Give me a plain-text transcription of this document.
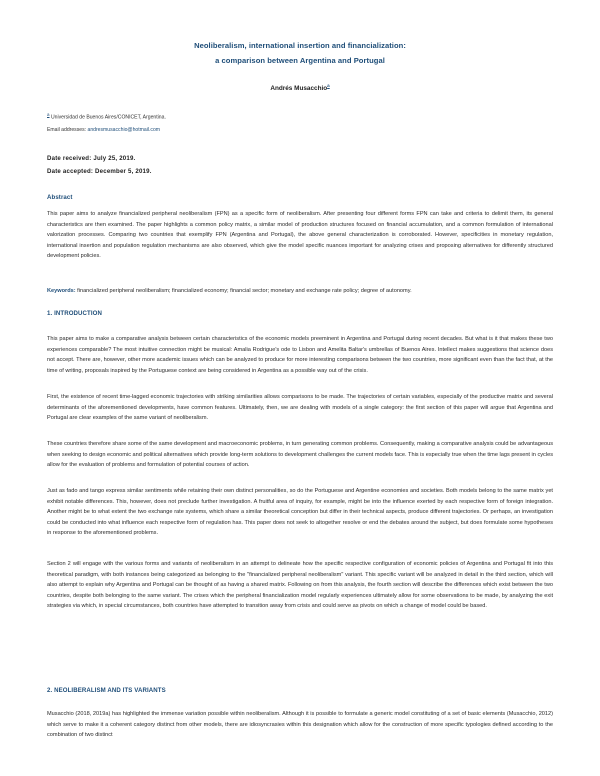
Neoliberalism, international insertion and financialization:
a comparison between Argentina and Portugal
Andrés Musacchio$^a$
a Universidad de Buenos Aires/CONICET, Argentina.
Email addresses: andresmusacchio@hotmail.com
Date received: July 25, 2019.
Date accepted: December 5, 2019.
Abstract

This paper aims to analyze financialized peripheral neoliberalism (FPN) as a specific form of neoliberalism. After presenting four different forms FPN can take and criteria to delimit them, its general characteristics are then examined. The paper highlights a common policy matrix, a similar model of production structures focused on financial accumulation, and a common formulation of international valorization processes. Comparing two countries that exemplify FPN (Argentina and Portugal), the above general characterization is corroborated. However, specificities in monetary regulation, international insertion and population regulation mechanisms are also observed, which give the model specific nuances important for analyzing crises and proposing alternatives for differently structured development policies.

Keywords: financialized peripheral neoliberalism; financialized economy; financial sector; monetary and exchange rate policy; degree of autonomy.

1. INTRODUCTION

This paper aims to make a comparative analysis between certain characteristics of the economic models preeminent in Argentina and Portugal during recent decades. But what is it that makes these two experiences comparable? The most intuitive connection might be musical: Amalia Rodrigue's ode to Lisbon and Amelita Baltar's umbrellas of Buenos Aires. Intellect makes suggestions that science does not accept. There are, however, other more academic issues which can be analyzed to produce for more interesting comparisons between the two countries, more significant even than the fact that, at the time of writing, proposals inspired by the Portuguese context are being considered in Argentina as a possible way out of the crisis.

First, the existence of recent time-lagged economic trajectories with striking similarities allows comparisons to be made. The trajectories of certain variables, especially of the productive matrix and several determinants of the aforementioned developments, have common features. Ultimately, then, we are dealing with models of a single category: the first section of this paper will argue that Argentina and Portugal are clear examples of the same variant of neoliberalism.

These countries therefore share some of the same development and macroeconomic problems, in turn generating common problems. Consequently, making a comparative analysis could be advantageous when seeking to design economic and political alternatives which provide long-term solutions to development challenges the current models face. This is especially true when the time lags present in cycles allow for the evaluation of problems and formulation of potential courses of action.

Just as fado and tango express similar sentiments while retaining their own distinct personalities, so do the Portuguese and Argentine economies and societies. Both models belong to the same matrix yet exhibit notable differences. This, however, does not preclude further investigation. A fruitful area of inquiry, for example, might be into the influence exerted by each respective form of foreign integration. Another might be to what extent the two exchange rate systems, which share a similar theoretical conception but differ in their technical aspects, produce different trajectories. Or perhaps, an investigation could be conducted into what influence each respective form of regulation has. This paper does not seek to altogether resolve or end the debates around the subject, but does formulate some hypotheses in response to the aforementioned problems.

Section 2 will engage with the various forms and variants of neoliberalism in an attempt to delineate how the specific respective configuration of economic policies of Argentina and Portugal fit into this theoretical paradigm, with both instances being categorized as belonging to the "financialized peripheral neoliberalism" variant. This specific variant will be analyzed in detail in the third section, which will also attempt to explain why Argentina and Portugal can be thought of as having a shared matrix. Following on from this analysis, the fourth section will describe the differences which exist between the two countries, despite both belonging to the same variant. The crises which the peripheral financialization model regularly experiences ultimately allow for some observations to be made, by analyzing the exit strategies via which, in special circumstances, both countries have attempted to transition away from crisis and could serve as pivots on which a change of model could be based.

2. NEOLIBERALISM AND ITS VARIANTS

Musacchio (2018, 2019a) has highlighted the immense variation possible within neoliberalism. Although it is possible to formulate a generic model constituting of a set of basic elements (Musacchio, 2012) which serve to make it a coherent category distinct from other models, there are idiosyncrasies within this designation which allow for the construction of more specific typologies defined according to the combination of two distinct
